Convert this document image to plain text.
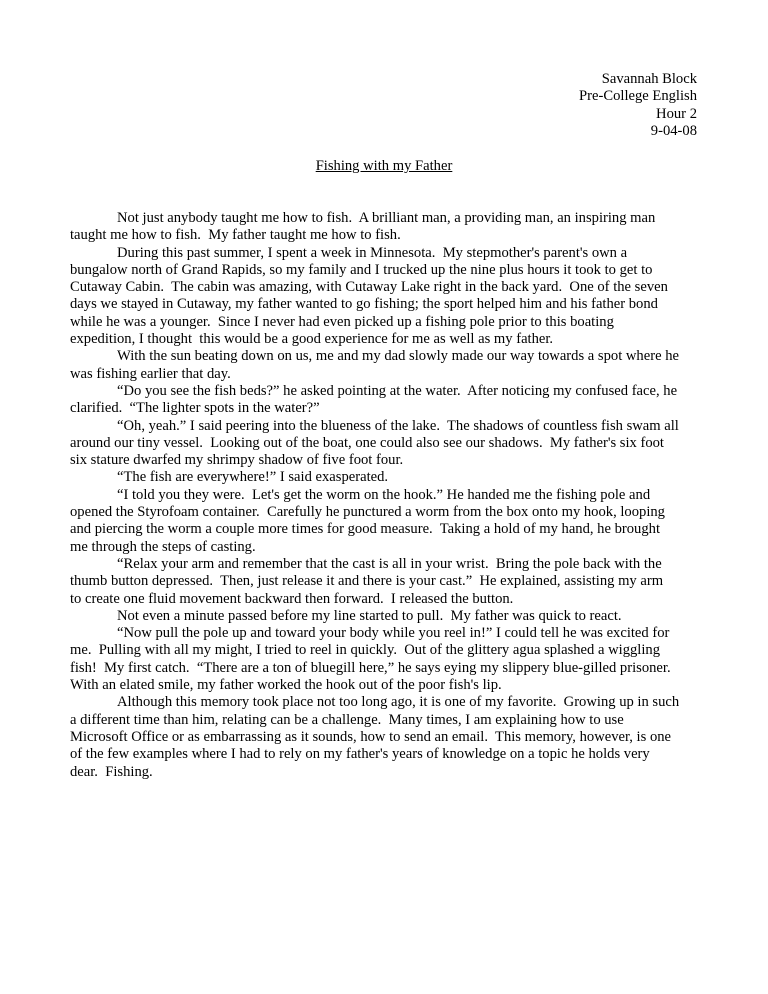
Savannah Block
Pre-College English
Hour 2
9-04-08
Fishing with my Father
Not just anybody taught me how to fish.  A brilliant man, a providing man, an inspiring man
taught me how to fish.  My father taught me how to fish.
During this past summer, I spent a week in Minnesota.  My stepmother's parent's own a
bungalow north of Grand Rapids, so my family and I trucked up the nine plus hours it took to get to
Cutaway Cabin.  The cabin was amazing, with Cutaway Lake right in the back yard.  One of the seven
days we stayed in Cutaway, my father wanted to go fishing; the sport helped him and his father bond
while he was a younger.  Since I never had even picked up a fishing pole prior to this boating
expedition, I thought  this would be a good experience for me as well as my father.
With the sun beating down on us, me and my dad slowly made our way towards a spot where he
was fishing earlier that day.
“Do you see the fish beds?” he asked pointing at the water.  After noticing my confused face, he
clarified.  “The lighter spots in the water?”
“Oh, yeah.” I said peering into the blueness of the lake.  The shadows of countless fish swam all
around our tiny vessel.  Looking out of the boat, one could also see our shadows.  My father's six foot
six stature dwarfed my shrimpy shadow of five foot four.
“The fish are everywhere!” I said exasperated.
“I told you they were.  Let's get the worm on the hook.” He handed me the fishing pole and
opened the Styrofoam container.  Carefully he punctured a worm from the box onto my hook, looping
and piercing the worm a couple more times for good measure.  Taking a hold of my hand, he brought
me through the steps of casting.
“Relax your arm and remember that the cast is all in your wrist.  Bring the pole back with the
thumb button depressed.  Then, just release it and there is your cast.”  He explained, assisting my arm
to create one fluid movement backward then forward.  I released the button.
Not even a minute passed before my line started to pull.  My father was quick to react.
“Now pull the pole up and toward your body while you reel in!” I could tell he was excited for
me.  Pulling with all my might, I tried to reel in quickly.  Out of the glittery agua splashed a wiggling
fish!  My first catch.  “There are a ton of bluegill here,” he says eying my slippery blue-gilled prisoner.
With an elated smile, my father worked the hook out of the poor fish's lip.
Although this memory took place not too long ago, it is one of my favorite.  Growing up in such
a different time than him, relating can be a challenge.  Many times, I am explaining how to use
Microsoft Office or as embarrassing as it sounds, how to send an email.  This memory, however, is one
of the few examples where I had to rely on my father's years of knowledge on a topic he holds very
dear.  Fishing.
